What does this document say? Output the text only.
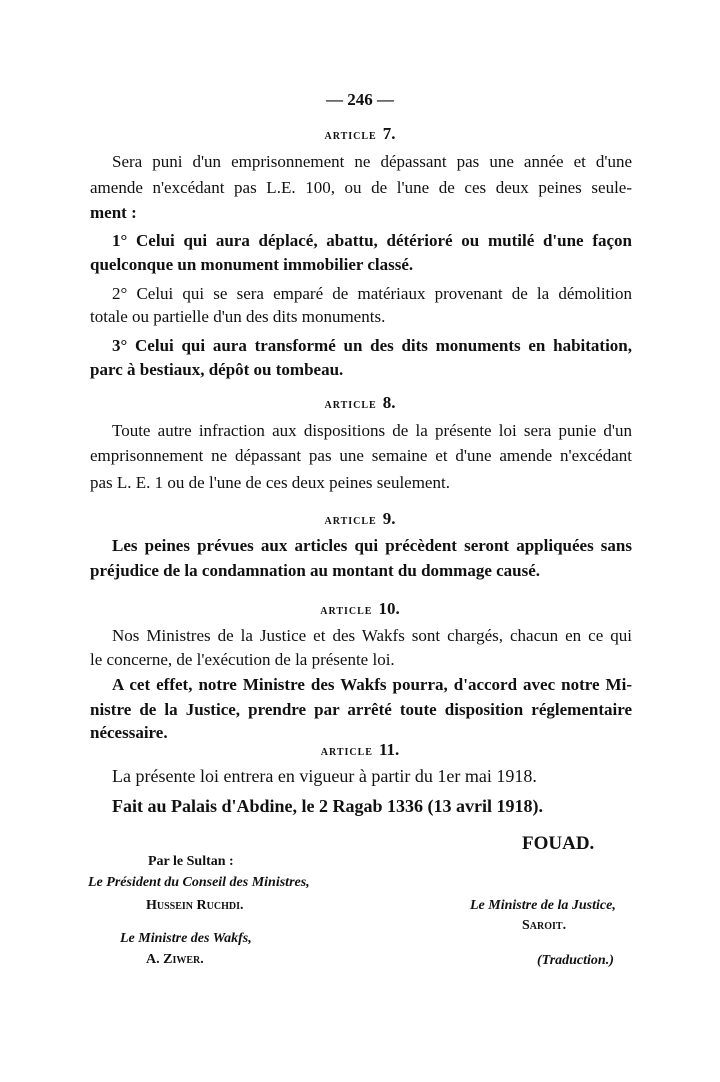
— 246 —
ARTICLE 7.
Sera puni d'un emprisonnement ne dépassant pas une année et d'une
amende n'excédant pas L.E. 100, ou de l'une de ces deux peines seule-
ment :
1° Celui qui aura déplacé, abattu, détérioré ou mutilé d'une façon
quelconque un monument immobilier classé.
2° Celui qui se sera emparé de matériaux provenant de la démolition
totale ou partielle d'un des dits monuments.
3° Celui qui aura transformé un des dits monuments en habitation,
parc à bestiaux, dépôt ou tombeau.
ARTICLE 8.
Toute autre infraction aux dispositions de la présente loi sera punie d'un
emprisonnement ne dépassant pas une semaine et d'une amende n'excédant
pas L. E. 1 ou de l'une de ces deux peines seulement.
ARTICLE 9.
Les peines prévues aux articles qui précèdent seront appliquées sans
préjudice de la condamnation au montant du dommage causé.
ARTICLE 10.
Nos Ministres de la Justice et des Wakfs sont chargés, chacun en ce qui
le concerne, de l'exécution de la présente loi.
A cet effet, notre Ministre des Wakfs pourra, d'accord avec notre Mi-
nistre de la Justice, prendre par arrêté toute disposition réglementaire
nécessaire.
ARTICLE 11.
La présente loi entrera en vigueur à partir du 1er mai 1918.
Fait au Palais d'Abdine, le 2 Ragab 1336 (13 avril 1918).
FOUAD.
Par le Sultan :
Le Président du Conseil des Ministres,
Hussein Ruchdi.
Le Ministre des Wakfs,
A. Ziwer.
Le Ministre de la Justice,
Saroit.
(Traduction.)
